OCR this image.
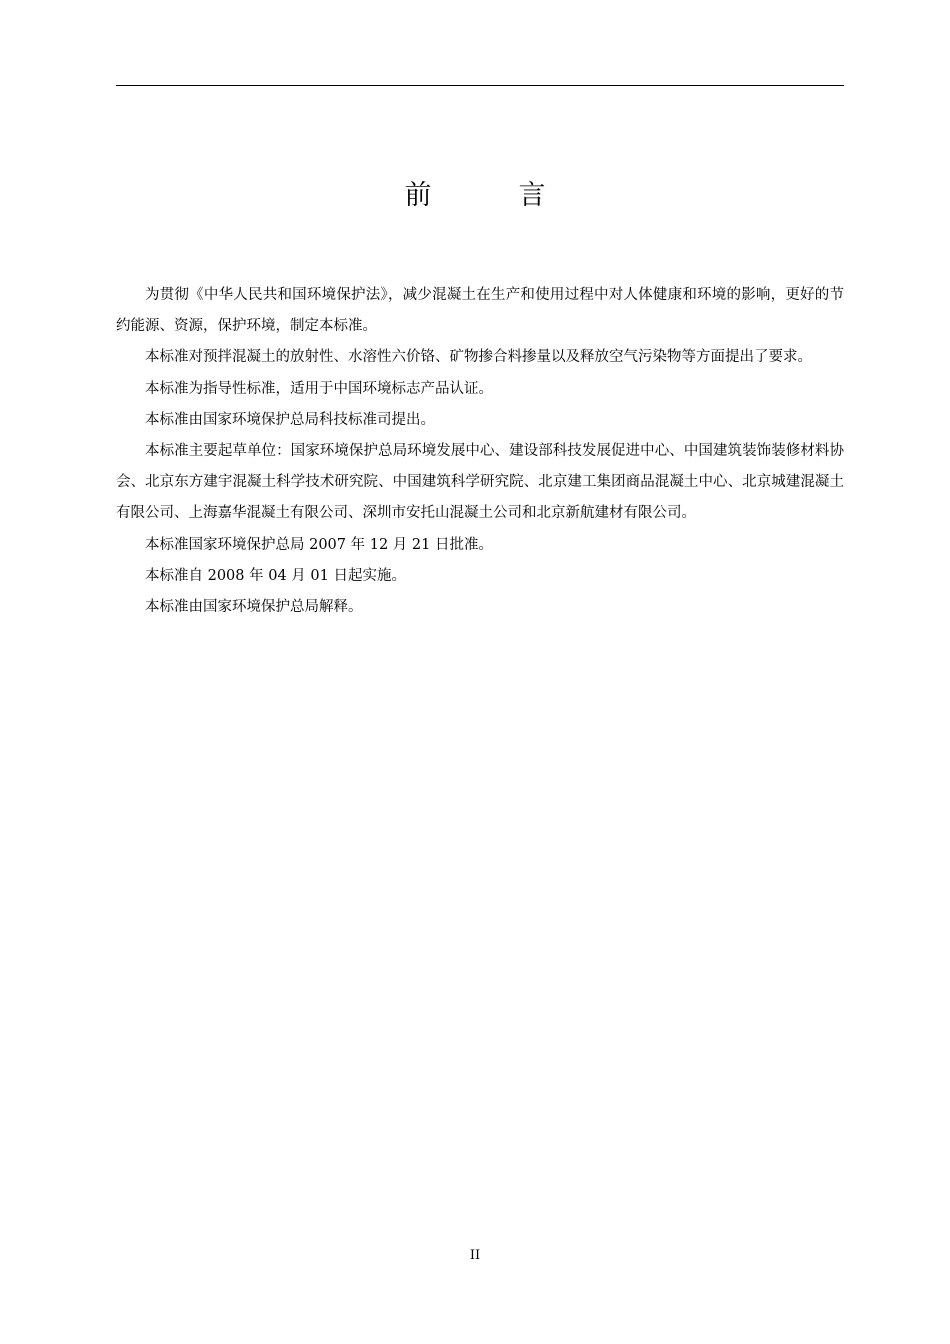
前　言

为贯彻《中华人民共和国环境保护法》，减少混凝土在生产和使用过程中对人体健康和环境的影响，更好的节约能源、资源，保护环境，制定本标准。

本标准对预拌混凝土的放射性、水溶性六价铬、矿物掺合料掺量以及释放空气污染物等方面提出了要求。

本标准为指导性标准，适用于中国环境标志产品认证。

本标准由国家环境保护总局科技标准司提出。

本标准主要起草单位：国家环境保护总局环境发展中心、建设部科技发展促进中心、中国建筑装饰装修材料协会、北京东方建宇混凝土科学技术研究院、中国建筑科学研究院、北京建工集团商品混凝土中心、北京城建混凝土有限公司、上海嘉华混凝土有限公司、深圳市安托山混凝土公司和北京新航建材有限公司。

本标准国家环境保护总局 2007 年 12 月 21 日批准。

本标准自 2008 年 04 月 01 日起实施。

本标准由国家环境保护总局解释。

II
